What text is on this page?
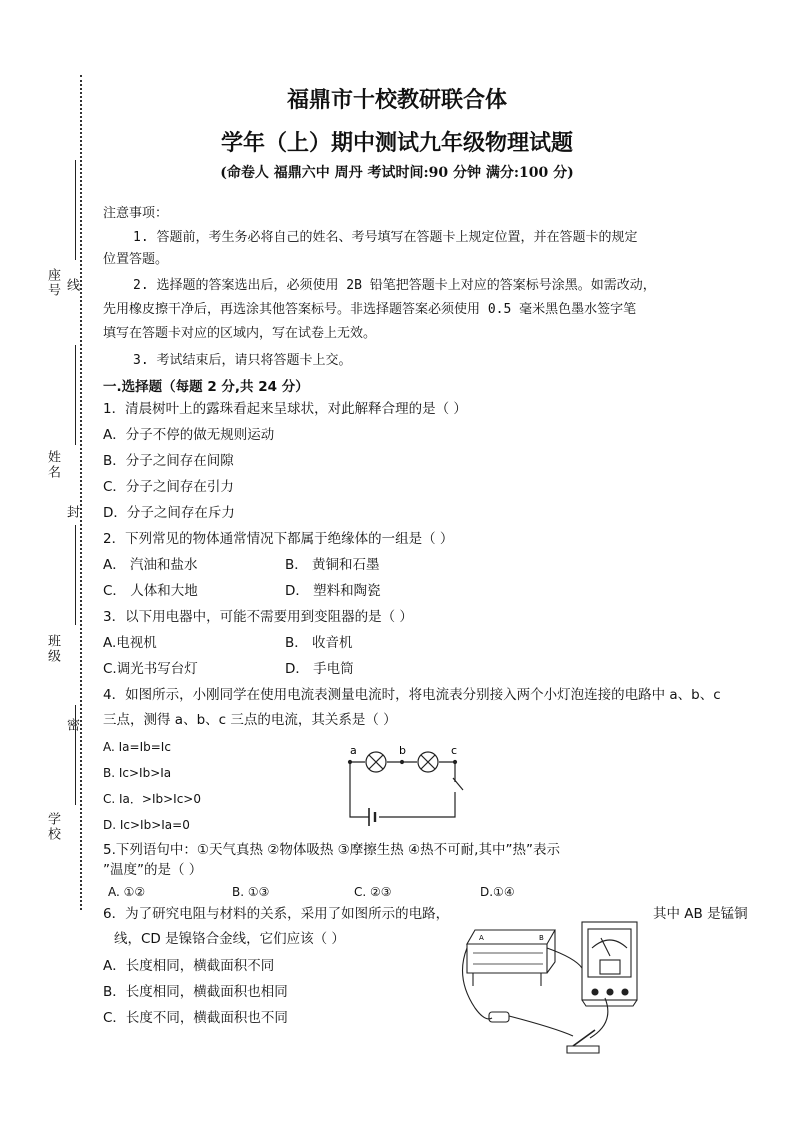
座号 线
姓名
封
班级
密
学校
福鼎市十校教研联合体
学年（上）期中测试九年级物理试题
(命卷人 福鼎六中 周丹 考试时间:90 分钟 满分:100 分)
注意事项：
1. 答题前，考生务必将自己的姓名、考号填写在答题卡上规定位置，并在答题卡的规定
位置答题。
2. 选择题的答案选出后，必须使用 2B 铅笔把答题卡上对应的答案标号涂黑。如需改动，
先用橡皮擦干净后，再选涂其他答案标号。非选择题答案必须使用 0.5 毫米黑色墨水签字笔
填写在答题卡对应的区域内，写在试卷上无效。
3. 考试结束后，请只将答题卡上交。
一.选择题（每题 2 分,共 24 分）
1．清晨树叶上的露珠看起来呈球状，对此解释合理的是（ ）
A．分子不停的做无规则运动
B．分子之间存在间隙
C．分子之间存在引力
D．分子之间存在斥力
2．下列常见的物体通常情况下都属于绝缘体的一组是（ ）
A． 汽油和盐水	B． 黄铜和石墨
C． 人体和大地	D． 塑料和陶瓷
3．以下用电器中，可能不需要用到变阻器的是（ ）
A.电视机	B． 收音机
C.调光书写台灯	D． 手电筒
4．如图所示，小刚同学在使用电流表测量电流时，将电流表分别接入两个小灯泡连接的电路中 a、b、c
三点，测得 a、b、c 三点的电流，其关系是（ ）
A. Ia=Ib=Ic
B. Ic>Ib>Ia
C. Ia．>Ib>Ic>0
D. Ic>Ib>Ia=0
a	b	c
5.下列语句中：①天气真热 ②物体吸热 ③摩擦生热 ④热不可耐,其中”热”表示
”温度”的是（ ）
A. ①②	B. ①③	C. ②③	D.①④
6．为了研究电阻与材料的关系，采用了如图所示的电路，	其中 AB 是锰铜
线，CD 是镍铬合金线，它们应该（ ）
A．长度相同，横截面积不同
B．长度相同，横截面积也相同
C．长度不同，横截面积也不同
A	B
